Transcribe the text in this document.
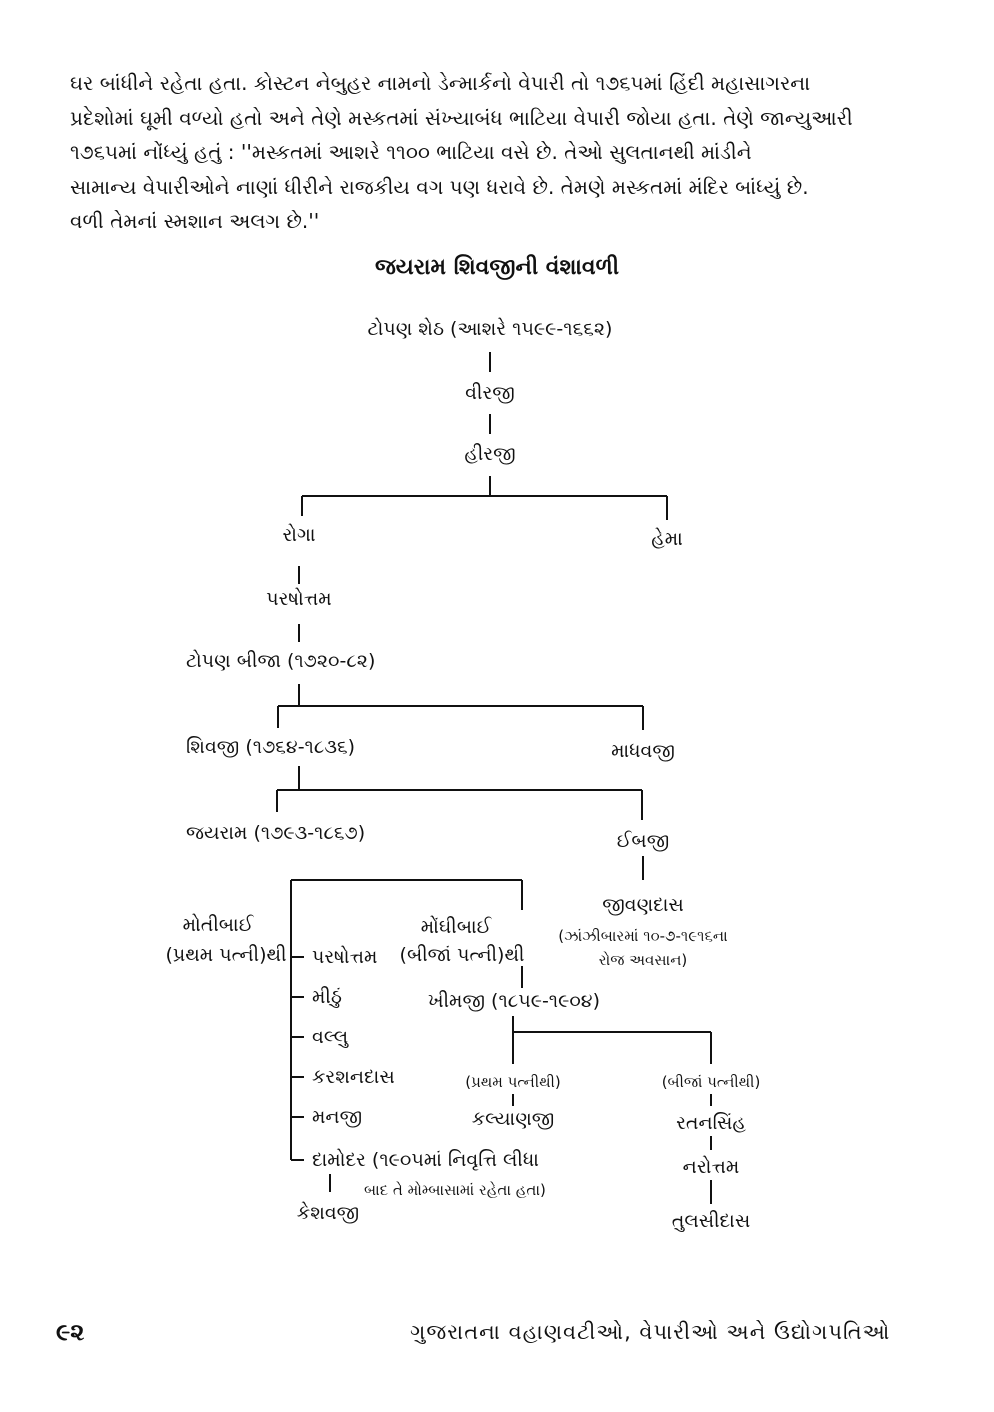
ઘર બાંધીને રહેતા હતા. કોસ્ટન નેબુહર નામનો ડેન્માર્કનો વેપારી તો ૧૭૬૫માં હિંદી મહાસાગરના
પ્રદેશોમાં ઘૂમી વળ્યો હતો અને તેણે મસ્કતમાં સંખ્યાબંધ ભાટિયા વેપારી જોયા હતા. તેણે જાન્યુઆરી
૧૭૬૫માં નોંધ્યું હતું : ''મસ્કતમાં આશરે ૧૧૦૦ ભાટિયા વસે છે. તેઓ સુલતાનથી માંડીને
સામાન્ય વેપારીઓને નાણાં ધીરીને રાજકીય વગ પણ ધરાવે છે. તેમણે મસ્કતમાં મંદિર બાંધ્યું છે.
વળી તેમનાં સ્મશાન અલગ છે.''
જયરામ શિવજીની વંશાવળી
ટોપણ શેઠ (આશરે ૧૫૯૯-૧૬૬૨)
વીરજી
હીરજી
રોગા	હેમા
પરષોત્તમ
ટોપણ બીજા (૧૭૨૦-૮૨)
શિવજી (૧૭૬૪-૧૮૩૬)	માધવજી
જયરામ (૧૭૯૩-૧૮૬૭)	ઈબજી
જીવણદાસ
(ઝાંઝીબારમાં ૧૦-૭-૧૯૧૬ના
રોજ અવસાન)
મોતીબાઈ
(પ્રથમ પત્ની)થી
મોંઘીબાઈ
(બીજાં પત્ની)થી
પરષોત્તમ
મીઠું
વલ્લુ
કરશનદાસ
મનજી
દામોદર (૧૯૦૫માં નિવૃત્તિ લીધા
બાદ તે મોમ્બાસામાં રહેતા હતા)
કેશવજી
ખીમજી (૧૮૫૯-૧૯૦૪)
(પ્રથમ પત્નીથી)
કલ્યાણજી
(બીજાં પત્નીથી)
રતનસિંહ
નરોત્તમ
તુલસીદાસ
૯૨	ગુજરાતના વહાણવટીઓ, વેપારીઓ અને ઉદ્યોગપતિઓ
